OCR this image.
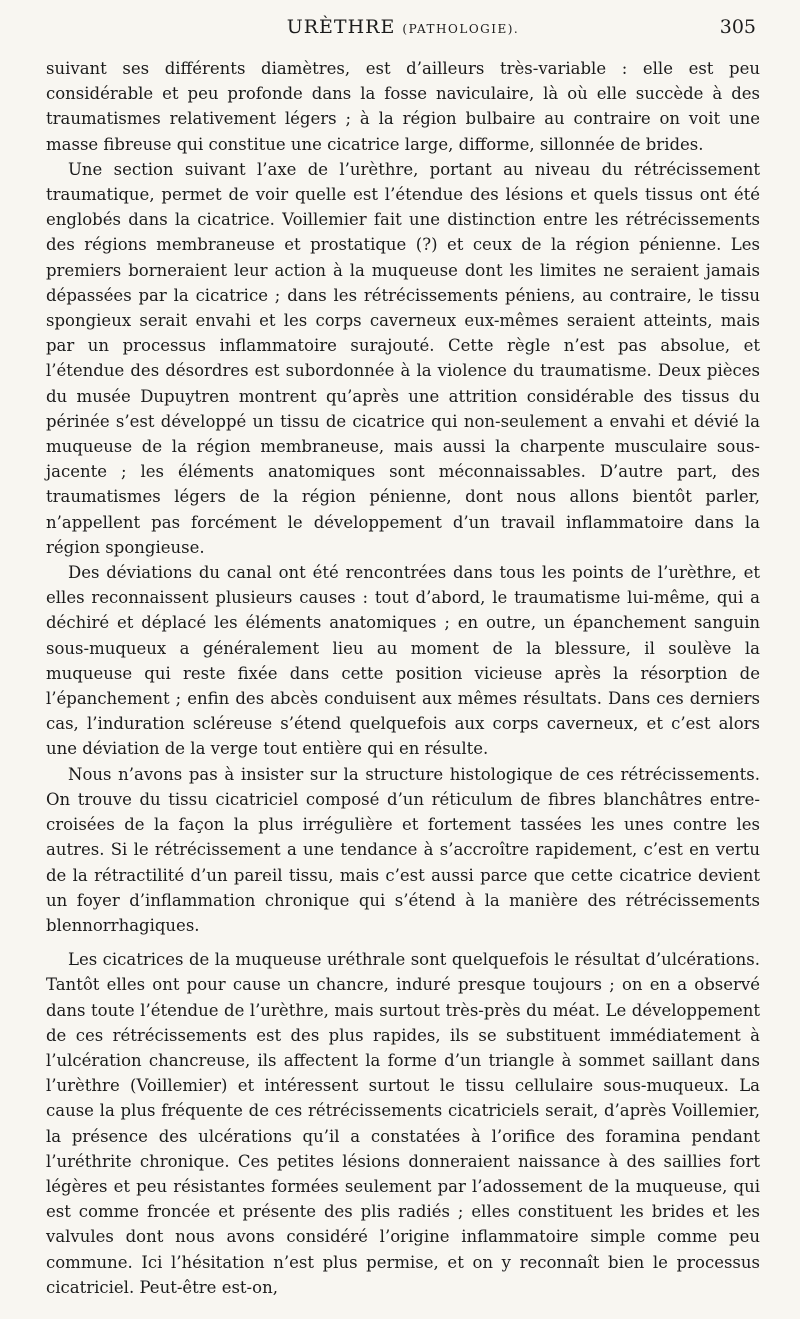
URÈTHRE (PATHOLOGIE).	305

suivant ses différents diamètres, est d’ailleurs très-variable : elle est peu considérable et peu profonde dans la fosse naviculaire, là où elle succède à des traumatismes relativement légers ; à la région bulbaire au contraire on voit une masse fibreuse qui constitue une cicatrice large, difforme, sillonnée de brides.

Une section suivant l’axe de l’urèthre, portant au niveau du rétrécissement traumatique, permet de voir quelle est l’étendue des lésions et quels tissus ont été englobés dans la cicatrice. Voillemier fait une distinction entre les rétrécissements des régions membraneuse et prostatique (?) et ceux de la région pénienne. Les premiers borneraient leur action à la muqueuse dont les limites ne seraient jamais dépassées par la cicatrice ; dans les rétrécissements péniens, au contraire, le tissu spongieux serait envahi et les corps caverneux eux-mêmes seraient atteints, mais par un processus inflammatoire surajouté. Cette règle n’est pas absolue, et l’étendue des désordres est subordonnée à la violence du traumatisme. Deux pièces du musée Dupuytren montrent qu’après une attrition considérable des tissus du périnée s’est développé un tissu de cicatrice qui non-seulement a envahi et dévié la muqueuse de la région membraneuse, mais aussi la charpente musculaire sous-jacente ; les éléments anatomiques sont méconnaissables. D’autre part, des traumatismes légers de la région pénienne, dont nous allons bientôt parler, n’appellent pas forcément le développement d’un travail inflammatoire dans la région spongieuse.

Des déviations du canal ont été rencontrées dans tous les points de l’urèthre, et elles reconnaissent plusieurs causes : tout d’abord, le traumatisme lui-même, qui a déchiré et déplacé les éléments anatomiques ; en outre, un épanchement sanguin sous-muqueux a généralement lieu au moment de la blessure, il soulève la muqueuse qui reste fixée dans cette position vicieuse après la résorption de l’épanchement ; enfin des abcès conduisent aux mêmes résultats. Dans ces derniers cas, l’induration scléreuse s’étend quelquefois aux corps caverneux, et c’est alors une déviation de la verge tout entière qui en résulte.

Nous n’avons pas à insister sur la structure histologique de ces rétrécissements. On trouve du tissu cicatriciel composé d’un réticulum de fibres blanchâtres entre-croisées de la façon la plus irrégulière et fortement tassées les unes contre les autres. Si le rétrécissement a une tendance à s’accroître rapidement, c’est en vertu de la rétractilité d’un pareil tissu, mais c’est aussi parce que cette cicatrice devient un foyer d’inflammation chronique qui s’étend à la manière des rétrécissements blennorrhagiques.

Les cicatrices de la muqueuse uréthrale sont quelquefois le résultat d’ulcérations. Tantôt elles ont pour cause un chancre, induré presque toujours ; on en a observé dans toute l’étendue de l’urèthre, mais surtout très-près du méat. Le développement de ces rétrécissements est des plus rapides, ils se substituent immédiatement à l’ulcération chancreuse, ils affectent la forme d’un triangle à sommet saillant dans l’urèthre (Voillemier) et intéressent surtout le tissu cellulaire sous-muqueux. La cause la plus fréquente de ces rétrécissements cicatriciels serait, d’après Voillemier, la présence des ulcérations qu’il a constatées à l’orifice des foramina pendant l’uréthrite chronique. Ces petites lésions donneraient naissance à des saillies fort légères et peu résistantes formées seulement par l’adossement de la muqueuse, qui est comme froncée et présente des plis radiés ; elles constituent les brides et les valvules dont nous avons considéré l’origine inflammatoire simple comme peu commune. Ici l’hésitation n’est plus permise, et on y reconnaît bien le processus cicatriciel. Peut-être est-on,
